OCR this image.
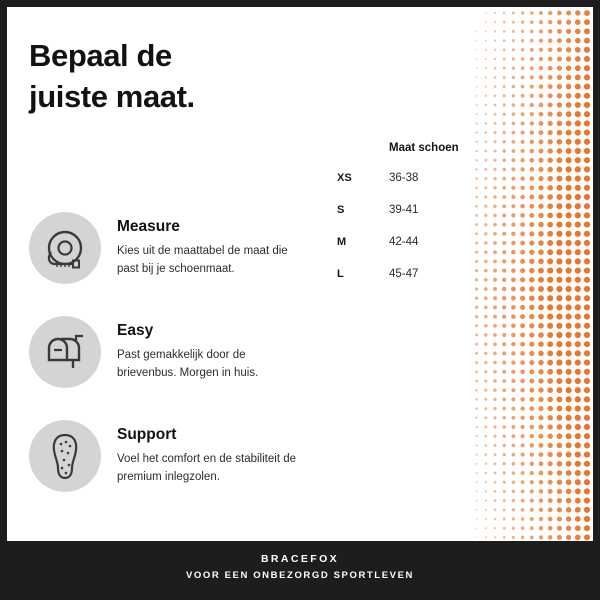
Bepaal de
juiste maat.
Maat schoen
XS	36-38
S	39-41
M	42-44
L	45-47
Measure
Kies uit de maattabel de maat die past bij je schoenmaat.
Easy
Past gemakkelijk door de brievenbus. Morgen in huis.
Support
Voel het comfort en de stabiliteit de premium inlegzolen.
BRACEFOX
VOOR EEN ONBEZORGD SPORTLEVEN
